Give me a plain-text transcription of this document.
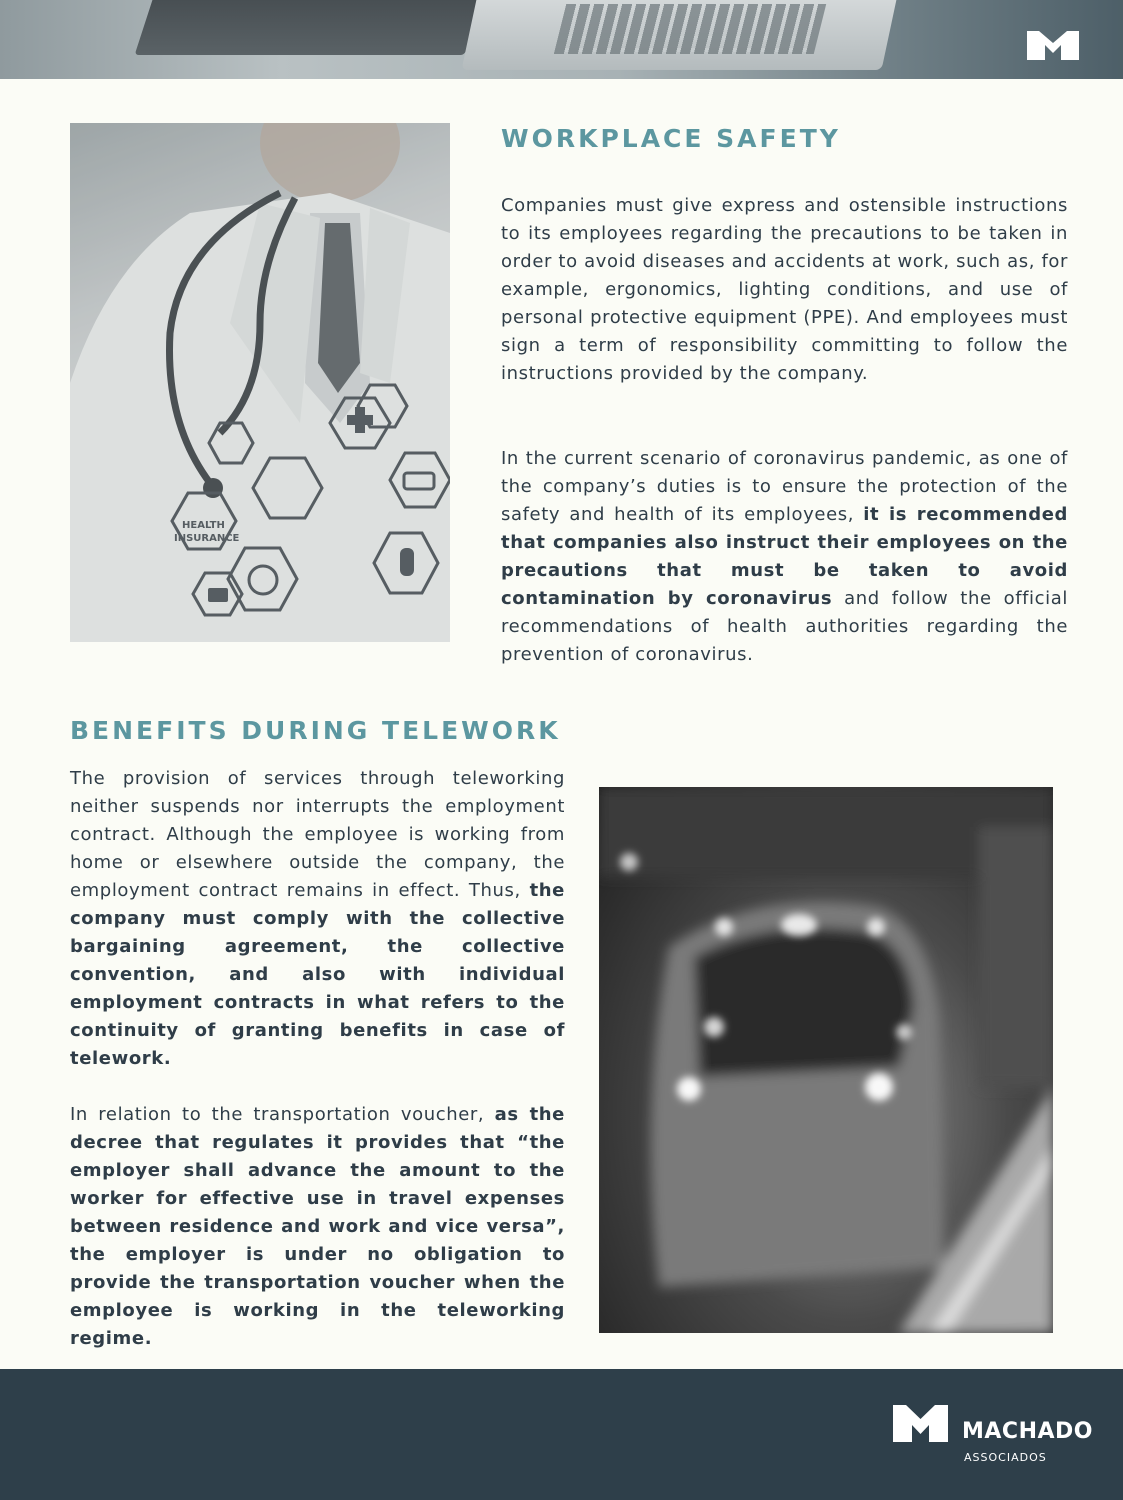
HEALTH
INSURANCE
WORKPLACE SAFETY

Companies must give express and ostensible instructions to its employees regarding the precautions to be taken in order to avoid diseases and accidents at work, such as, for example, ergonomics, lighting conditions, and use of personal protective equipment (PPE). And employees must sign a term of responsibility committing to follow the instructions provided by the company.

In the current scenario of coronavirus pandemic, as one of the company’s duties is to ensure the protection of the safety and health of its employees, it is recommended that companies also instruct their employees on the precautions that must be taken to avoid contamination by coronavirus and follow the official recommendations of health authorities regarding the prevention of coronavirus.

BENEFITS DURING TELEWORK

The provision of services through teleworking neither suspends nor interrupts the employment contract. Although the employee is working from home or elsewhere outside the company, the employment contract remains in effect. Thus, the company must comply with the collective bargaining agreement, the collective convention, and also with individual employment contracts in what refers to the continuity of granting benefits in case of telework.

In relation to the transportation voucher, as the decree that regulates it provides that “the employer shall advance the amount to the worker for effective use in travel expenses between residence and work and vice versa”, the employer is under no obligation to provide the transportation voucher when the employee is working in the teleworking regime.

MACHADO

ASSOCIADOS
